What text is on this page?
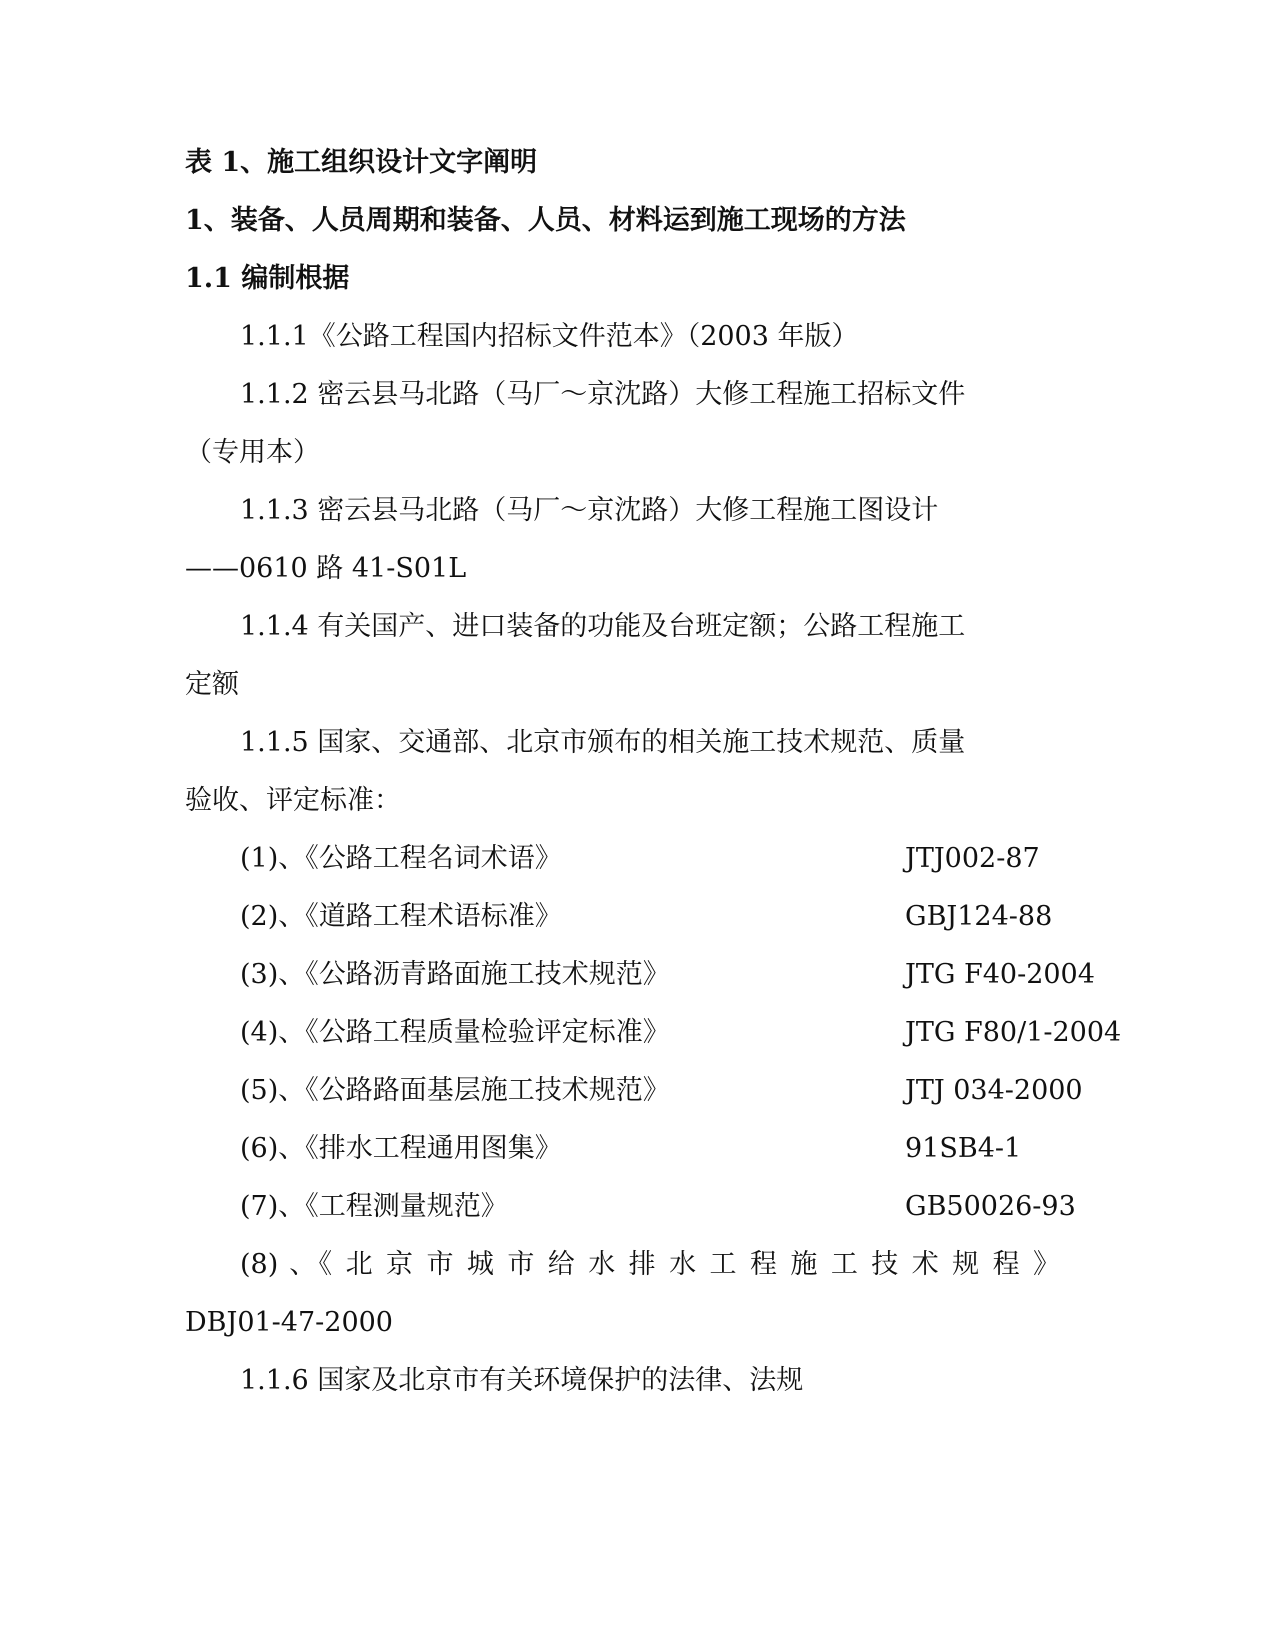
表 1、施工组织设计文字阐明
1、装备、人员周期和装备、人员、材料运到施工现场的方法
1.1 编制根据
1.1.1《公路工程国内招标文件范本》（2003 年版）
1.1.2 密云县马北路（马厂～京沈路）大修工程施工招标文件
（专用本）
1.1.3 密云县马北路（马厂～京沈路）大修工程施工图设计
——0610 路 41-S01L
1.1.4 有关国产、进口装备的功能及台班定额；公路工程施工
定额
1.1.5 国家、交通部、北京市颁布的相关施工技术规范、质量
验收、评定标准：
(1)、《公路工程名词术语》	JTJ002-87
(2)、《道路工程术语标准》	GBJ124-88
(3)、《公路沥青路面施工技术规范》	JTG F40-2004
(4)、《公路工程质量检验评定标准》	JTG F80/1-2004
(5)、《公路路面基层施工技术规范》	JTJ 034-2000
(6)、《排水工程通用图集》	91SB4-1
(7)、《工程测量规范》	GB50026-93
(8) 、《 北 京 市 城 市 给 水 排 水 工 程 施 工 技 术 规 程 》
DBJ01-47-2000
1.1.6 国家及北京市有关环境保护的法律、法规
